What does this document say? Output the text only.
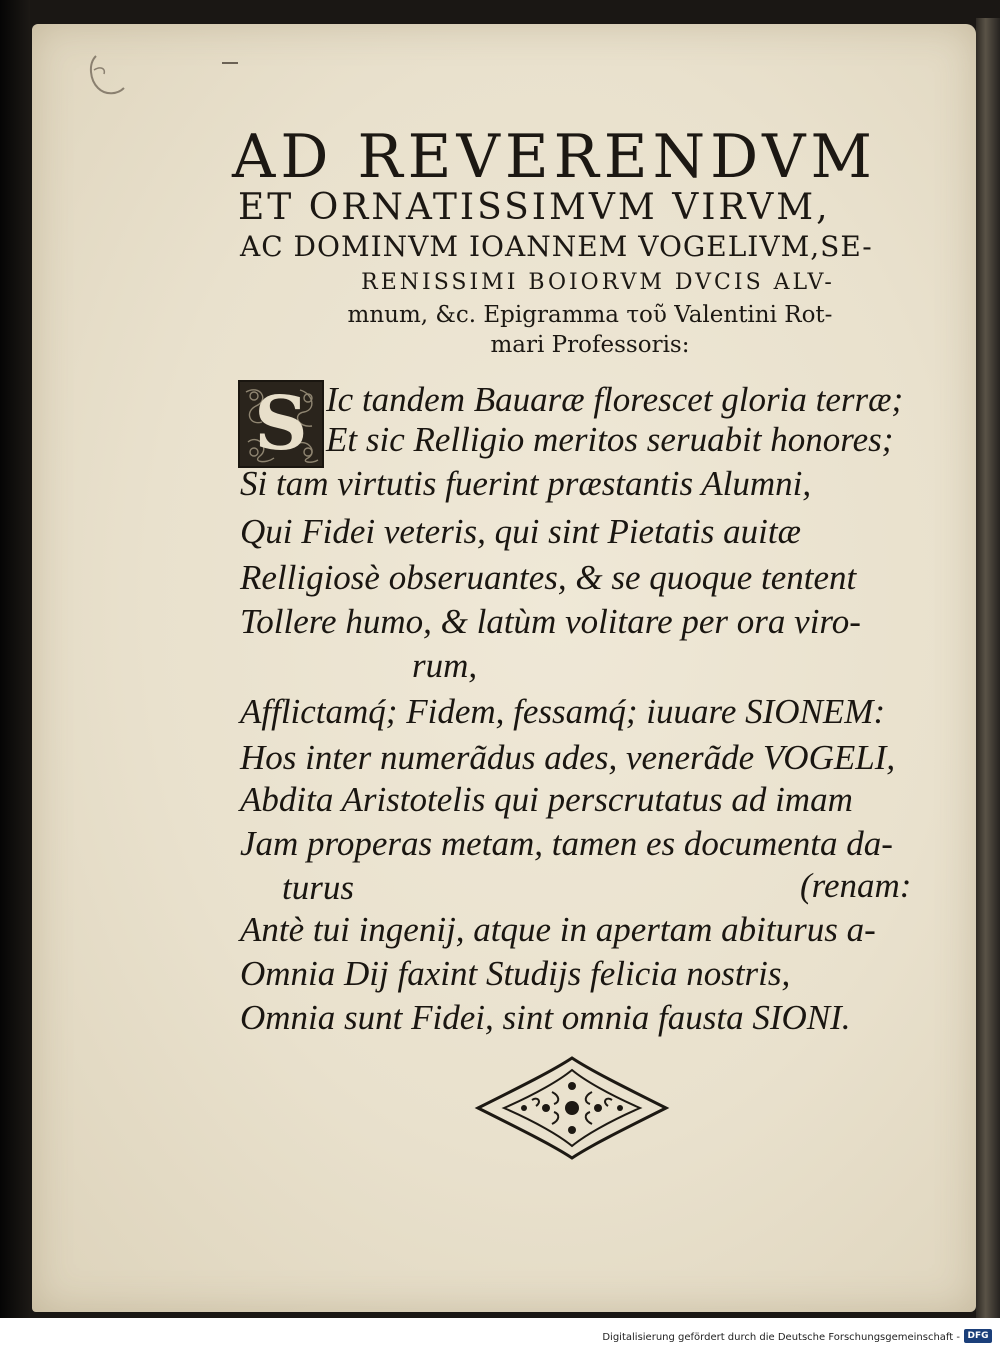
AD REVERENDVM
ET ORNATISSIMVM VIRVM,
AC DOMINVM IOANNEM VOGELIVM,SE-
RENISSIMI BOIORVM DVCIS ALV-
mnum, &c. Epigramma τοῦ Valentini Rot-
mari Professoris:
S Ic tandem Bauaræ florescet gloria terræ;
Et sic Relligio meritos seruabit honores;
Si tam virtutis fuerint præstantis Alumni,
Qui Fidei veteris, qui sint Pietatis auitæ
Relligiosè obseruantes, & se quoque tentent
Tollere humo, & latùm volitare per ora viro-
rum,
Afflictamq́; Fidem, fessamq́; iuuare SIONEM:
Hos inter numerãdus ades, venerãde VOGELI,
Abdita Aristotelis qui perscrutatus ad imam
Jam properas metam, tamen es documenta da-
turus	(renam:
Antè tui ingenij, atque in apertam abiturus a-
Omnia Dij faxint Studijs felicia nostris,
Omnia sunt Fidei, sint omnia fausta SIONI.
Digitalisierung gefördert durch die Deutsche Forschungsgemeinschaft - DFG
